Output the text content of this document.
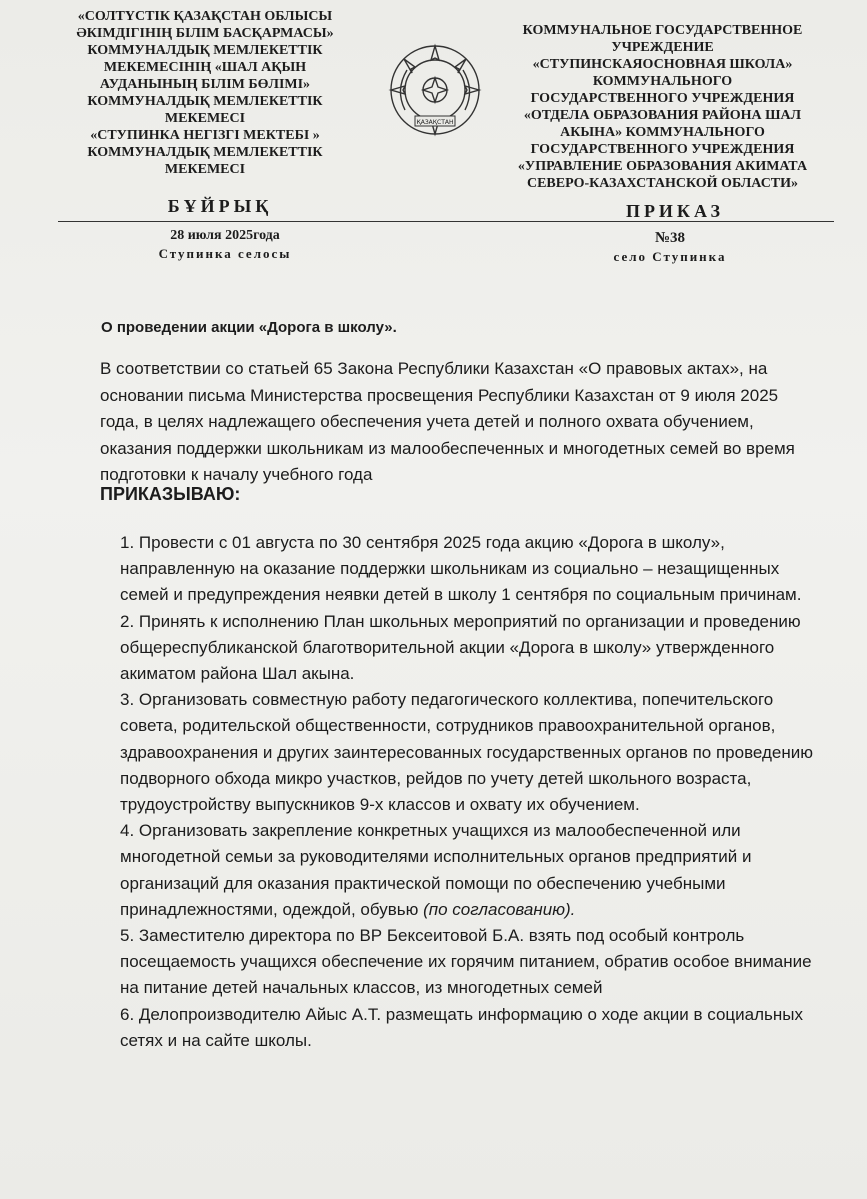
«СОЛТҮСТІК ҚАЗАҚСТАН ОБЛЫСЫ
ӘКІМДІГІНІҢ БІЛІМ БАСҚАРМАСЫ»
КОММУНАЛДЫҚ МЕМЛЕКЕТТІК
МЕКЕМЕСІНІҢ «ШАЛ АҚЫН
АУДАНЫНЫҢ БІЛІМ БӨЛІМІ»
КОММУНАЛДЫҚ МЕМЛЕКЕТТІК
МЕКЕМЕСІ
«СТУПИНКА НЕГІЗГІ МЕКТЕБІ »
КОММУНАЛДЫҚ МЕМЛЕКЕТТІК
МЕКЕМЕСІ
ҚАЗАҚСТАН
КОММУНАЛЬНОЕ ГОСУДАРСТВЕННОЕ
УЧРЕЖДЕНИЕ
«СТУПИНСКАЯОСНОВНАЯ ШКОЛА»
КОММУНАЛЬНОГО
ГОСУДАРСТВЕННОГО УЧРЕЖДЕНИЯ
«ОТДЕЛА ОБРАЗОВАНИЯ РАЙОНА ШАЛ
АКЫНА» КОММУНАЛЬНОГО
ГОСУДАРСТВЕННОГО УЧРЕЖДЕНИЯ
«УПРАВЛЕНИЕ ОБРАЗОВАНИЯ АКИМАТА
СЕВЕРО-КАЗАХСТАНСКОЙ ОБЛАСТИ»
БҰЙРЫҚ	ПРИКАЗ
28 июля 2025года
Ступинка селосы
№38
село Ступинка
О проведении акции «Дорога в школу».
В соответствии со статьей 65 Закона Республики Казахстан «О правовых актах», на основании письма Министерства просвещения Республики Казахстан от 9 июля 2025 года, в целях надлежащего обеспечения учета детей и полного охвата обучением, оказания поддержки школьникам из малообеспеченных и многодетных семей во время подготовки к началу учебного года
ПРИКАЗЫВАЮ:

1. Провести с 01 августа по 30 сентября 2025 года акцию «Дорога в школу», направленную на оказание поддержки школьникам из социально – незащищенных семей и предупреждения неявки детей в школу 1 сентября по социальным причинам.

2. Принять к исполнению План школьных мероприятий по организации и проведению общереспубликанской благотворительной акции «Дорога в школу» утвержденного акиматом района Шал акына.

3. Организовать совместную работу педагогического коллектива, попечительского совета, родительской общественности, сотрудников правоохранительной органов, здравоохранения и других заинтересованных государственных органов по проведению подворного обхода микро участков, рейдов по учету детей школьного возраста, трудоустройству выпускников 9-х классов и охвату их обучением.

4. Организовать закрепление конкретных учащихся из малообеспеченной или многодетной семьи за руководителями исполнительных органов предприятий и организаций для оказания практической помощи по обеспечению учебными принадлежностями, одеждой, обувью (по согласованию).

5. Заместителю директора по ВР Бексеитовой Б.А. взять под особый контроль посещаемость учащихся обеспечение их горячим питанием, обратив особое внимание на питание детей начальных классов, из многодетных семей

6. Делопроизводителю Айыс А.Т. размещать информацию о ходе акции в социальных сетях и на сайте школы.
